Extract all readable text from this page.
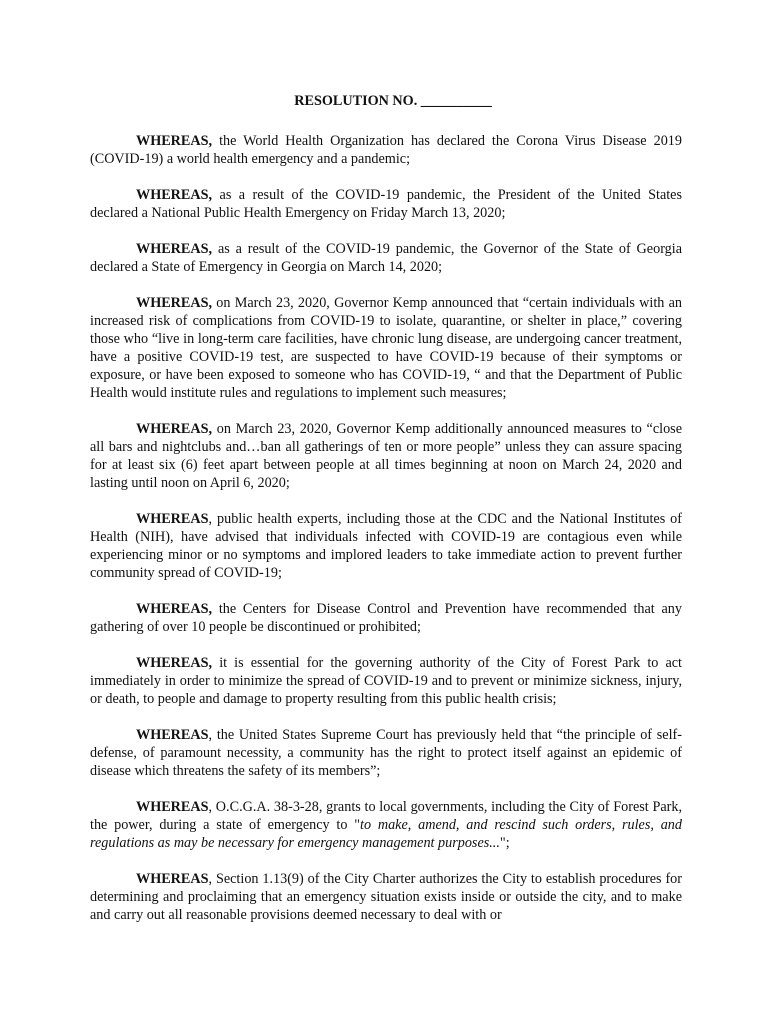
RESOLUTION NO. __________

WHEREAS, the World Health Organization has declared the Corona Virus Disease 2019 (COVID-19) a world health emergency and a pandemic;

WHEREAS, as a result of the COVID-19 pandemic, the President of the United States declared a National Public Health Emergency on Friday March 13, 2020;

WHEREAS, as a result of the COVID-19 pandemic, the Governor of the State of Georgia declared a State of Emergency in Georgia on March 14, 2020;

WHEREAS, on March 23, 2020, Governor Kemp announced that “certain individuals with an increased risk of complications from COVID-19 to isolate, quarantine, or shelter in place,” covering those who “live in long-term care facilities, have chronic lung disease, are undergoing cancer treatment, have a positive COVID-19 test, are suspected to have COVID-19 because of their symptoms or exposure, or have been exposed to someone who has COVID-19, “ and that the Department of Public Health would institute rules and regulations to implement such measures;

WHEREAS, on March 23, 2020, Governor Kemp additionally announced measures to “close all bars and nightclubs and…ban all gatherings of ten or more people” unless they can assure spacing for at least six (6) feet apart between people at all times beginning at noon on March 24, 2020 and lasting until noon on April 6, 2020;

WHEREAS, public health experts, including those at the CDC and the National Institutes of Health (NIH), have advised that individuals infected with COVID-19 are contagious even while experiencing minor or no symptoms and implored leaders to take immediate action to prevent further community spread of COVID-19;

WHEREAS, the Centers for Disease Control and Prevention have recommended that any gathering of over 10 people be discontinued or prohibited;

WHEREAS, it is essential for the governing authority of the City of Forest Park to act immediately in order to minimize the spread of COVID-19 and to prevent or minimize sickness, injury, or death, to people and damage to property resulting from this public health crisis;

WHEREAS, the United States Supreme Court has previously held that “the principle of self-defense, of paramount necessity, a community has the right to protect itself against an epidemic of disease which threatens the safety of its members”;

WHEREAS, O.C.G.A. 38-3-28, grants to local governments, including the City of Forest Park, the power, during a state of emergency to "to make, amend, and rescind such orders, rules, and regulations as may be necessary for emergency management purposes...";

WHEREAS, Section 1.13(9) of the City Charter authorizes the City to establish procedures for determining and proclaiming that an emergency situation exists inside or outside the city, and to make and carry out all reasonable provisions deemed necessary to deal with or
